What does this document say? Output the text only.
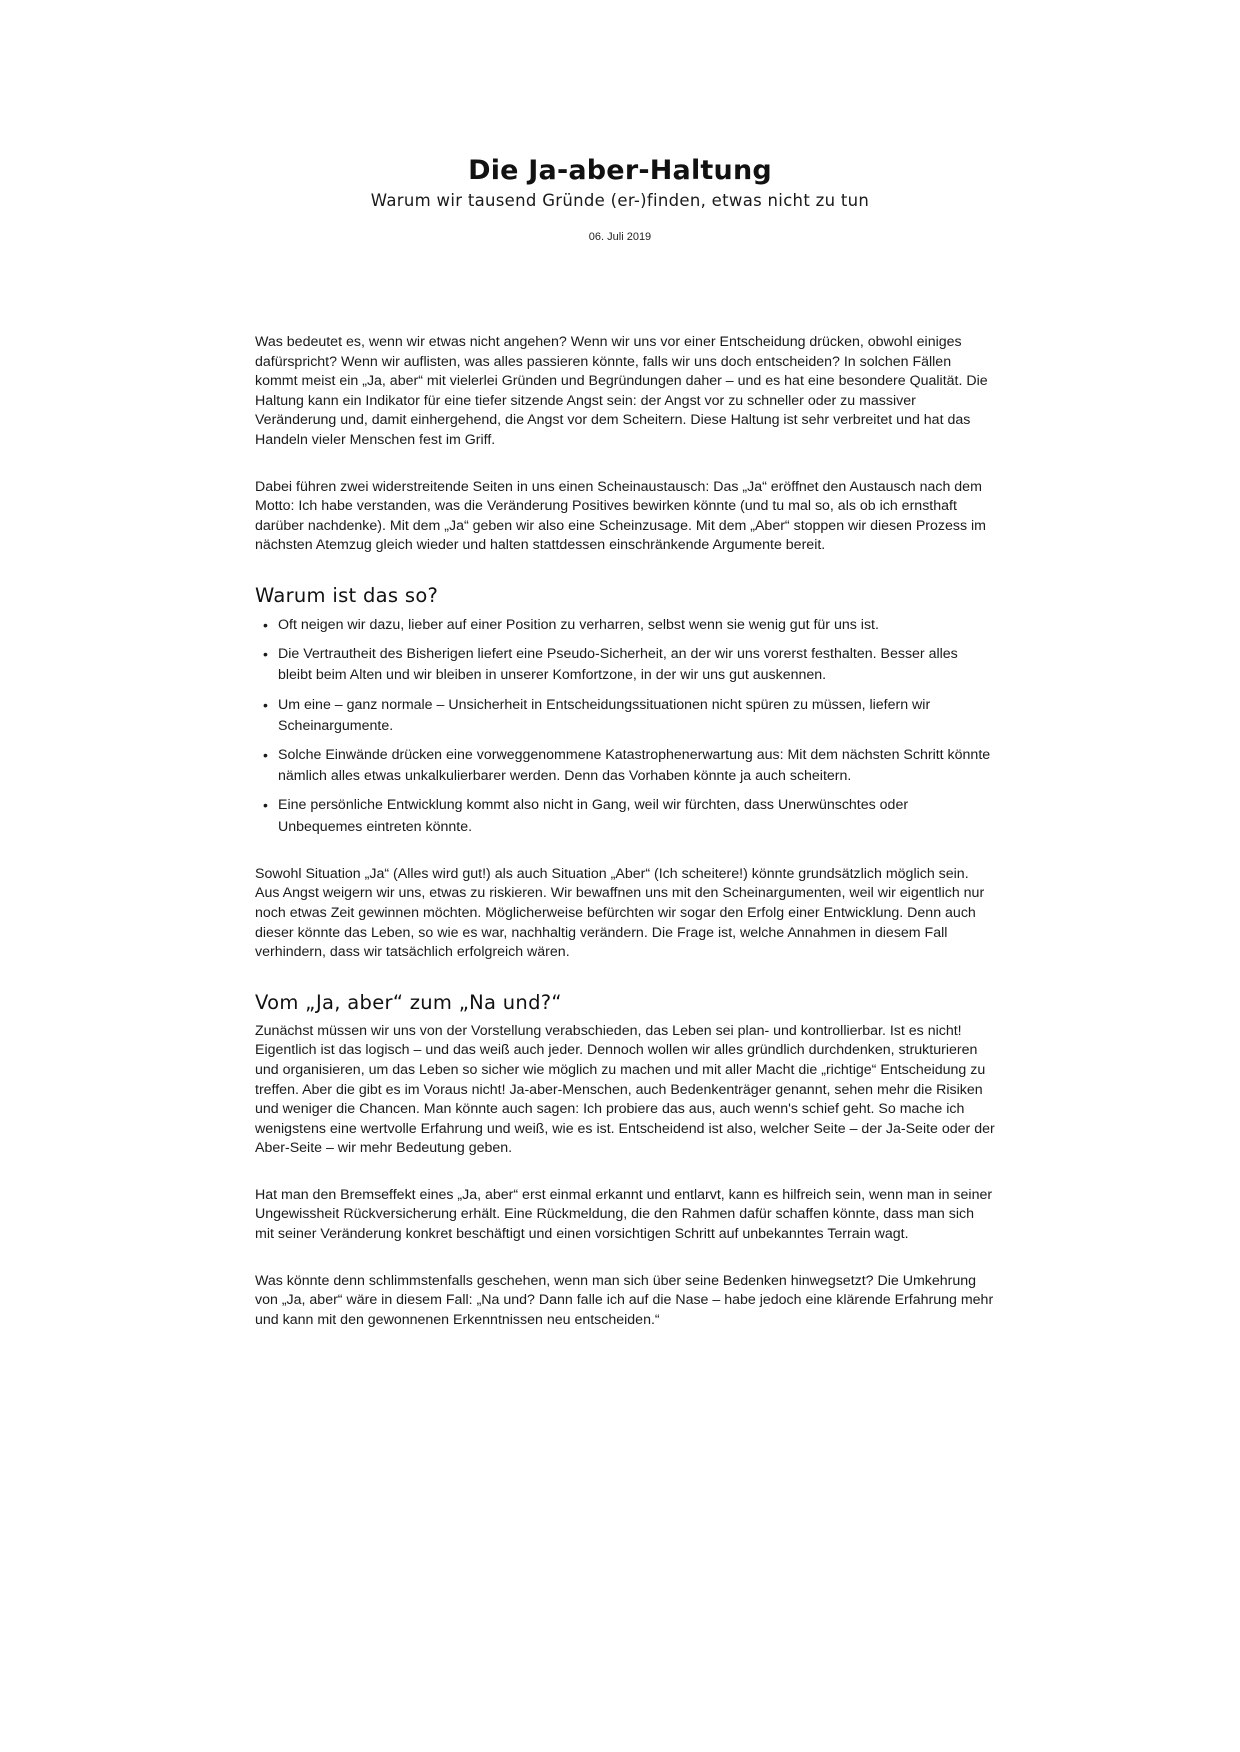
Die Ja-aber-Haltung
Warum wir tausend Gründe (er-)finden, etwas nicht zu tun
06. Juli 2019

Was bedeutet es, wenn wir etwas nicht angehen? Wenn wir uns vor einer Entscheidung drücken, obwohl einiges dafürspricht? Wenn wir auflisten, was alles passieren könnte, falls wir uns doch entscheiden? In solchen Fällen kommt meist ein „Ja, aber“ mit vielerlei Gründen und Begründungen daher – und es hat eine besondere Qualität. Die Haltung kann ein Indikator für eine tiefer sitzende Angst sein: der Angst vor zu schneller oder zu massiver Veränderung und, damit einhergehend, die Angst vor dem Scheitern. Diese Haltung ist sehr verbreitet und hat das Handeln vieler Menschen fest im Griff.

Dabei führen zwei widerstreitende Seiten in uns einen Scheinaustausch: Das „Ja“ eröffnet den Austausch nach dem Motto: Ich habe verstanden, was die Veränderung Positives bewirken könnte (und tu mal so, als ob ich ernsthaft darüber nachdenke). Mit dem „Ja“ geben wir also eine Scheinzusage. Mit dem „Aber“ stoppen wir diesen Prozess im nächsten Atemzug gleich wieder und halten stattdessen einschränkende Argumente bereit.

Warum ist das so?
• Oft neigen wir dazu, lieber auf einer Position zu verharren, selbst wenn sie wenig gut für uns ist.
• Die Vertrautheit des Bisherigen liefert eine Pseudo-Sicherheit, an der wir uns vorerst festhalten. Besser alles bleibt beim Alten und wir bleiben in unserer Komfortzone, in der wir uns gut auskennen.
• Um eine – ganz normale – Unsicherheit in Entscheidungssituationen nicht spüren zu müssen, liefern wir Scheinargumente.
• Solche Einwände drücken eine vorweggenommene Katastrophenerwartung aus: Mit dem nächsten Schritt könnte nämlich alles etwas unkalkulierbarer werden. Denn das Vorhaben könnte ja auch scheitern.
• Eine persönliche Entwicklung kommt also nicht in Gang, weil wir fürchten, dass Unerwünschtes oder Unbequemes eintreten könnte.

Sowohl Situation „Ja“ (Alles wird gut!) als auch Situation „Aber“ (Ich scheitere!) könnte grundsätzlich möglich sein. Aus Angst weigern wir uns, etwas zu riskieren. Wir bewaffnen uns mit den Scheinargumenten, weil wir eigentlich nur noch etwas Zeit gewinnen möchten. Möglicherweise befürchten wir sogar den Erfolg einer Entwicklung. Denn auch dieser könnte das Leben, so wie es war, nachhaltig verändern. Die Frage ist, welche Annahmen in diesem Fall verhindern, dass wir tatsächlich erfolgreich wären.

Vom „Ja, aber“ zum „Na und?“

Zunächst müssen wir uns von der Vorstellung verabschieden, das Leben sei plan- und kontrollierbar. Ist es nicht! Eigentlich ist das logisch – und das weiß auch jeder. Dennoch wollen wir alles gründlich durchdenken, strukturieren und organisieren, um das Leben so sicher wie möglich zu machen und mit aller Macht die „richtige“ Entscheidung zu treffen. Aber die gibt es im Voraus nicht! Ja-aber-Menschen, auch Bedenkenträger genannt, sehen mehr die Risiken und weniger die Chancen. Man könnte auch sagen: Ich probiere das aus, auch wenn's schief geht. So mache ich wenigstens eine wertvolle Erfahrung und weiß, wie es ist. Entscheidend ist also, welcher Seite – der Ja-Seite oder der Aber-Seite – wir mehr Bedeutung geben.

Hat man den Bremseffekt eines „Ja, aber“ erst einmal erkannt und entlarvt, kann es hilfreich sein, wenn man in seiner Ungewissheit Rückversicherung erhält. Eine Rückmeldung, die den Rahmen dafür schaffen könnte, dass man sich mit seiner Veränderung konkret beschäftigt und einen vorsichtigen Schritt auf unbekanntes Terrain wagt.

Was könnte denn schlimmstenfalls geschehen, wenn man sich über seine Bedenken hinwegsetzt? Die Umkehrung von „Ja, aber“ wäre in diesem Fall: „Na und? Dann falle ich auf die Nase – habe jedoch eine klärende Erfahrung mehr und kann mit den gewonnenen Erkenntnissen neu entscheiden.“
